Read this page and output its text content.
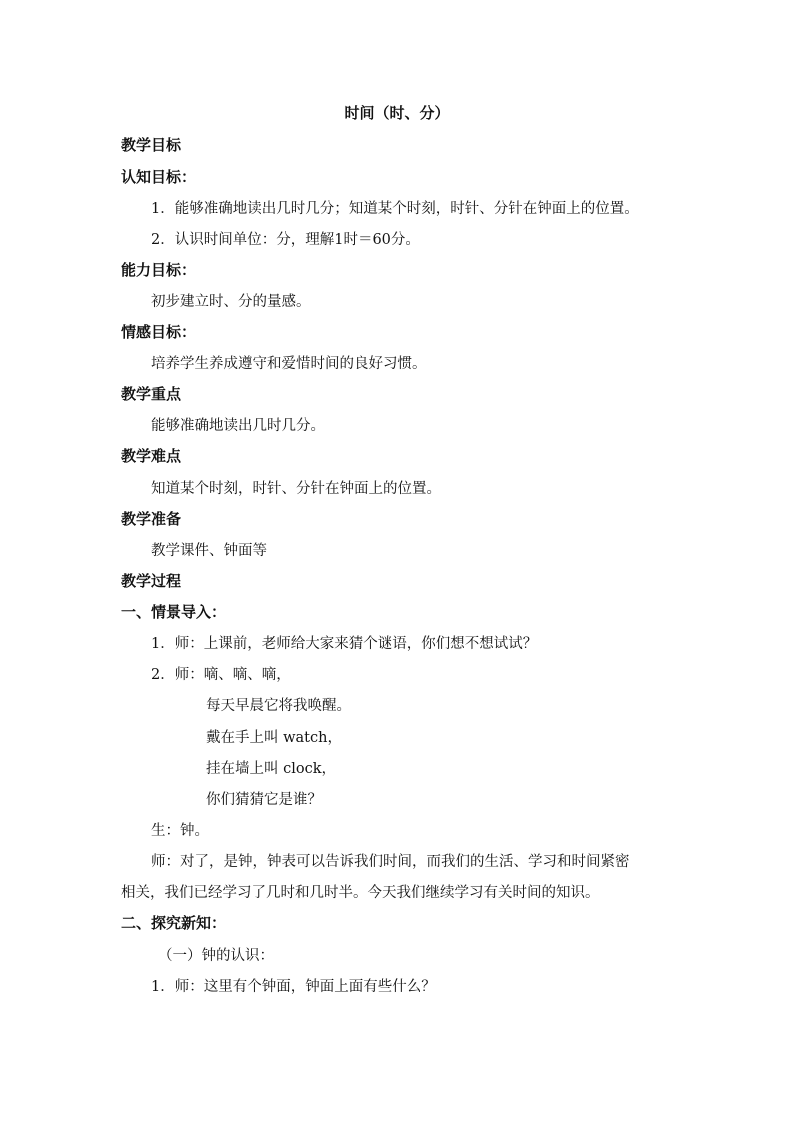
时间（时、分）
教学目标
认知目标：
1．能够准确地读出几时几分；知道某个时刻，时针、分针在钟面上的位置。
2．认识时间单位：分，理解1时＝60分。
能力目标：
初步建立时、分的量感。
情感目标：
培养学生养成遵守和爱惜时间的良好习惯。
教学重点
能够准确地读出几时几分。
教学难点
知道某个时刻，时针、分针在钟面上的位置。
教学准备
教学课件、钟面等
教学过程
一、情景导入：
1．师：上课前，老师给大家来猜个谜语，你们想不想试试？
2．师：嘀、嘀、嘀，
每天早晨它将我唤醒。
戴在手上叫 watch，
挂在墙上叫 clock，
你们猜猜它是谁？
生：钟。
师：对了，是钟，钟表可以告诉我们时间，而我们的生活、学习和时间紧密
相关，我们已经学习了几时和几时半。今天我们继续学习有关时间的知识。
二、探究新知：
（一）钟的认识：
1．师：这里有个钟面，钟面上面有些什么？
